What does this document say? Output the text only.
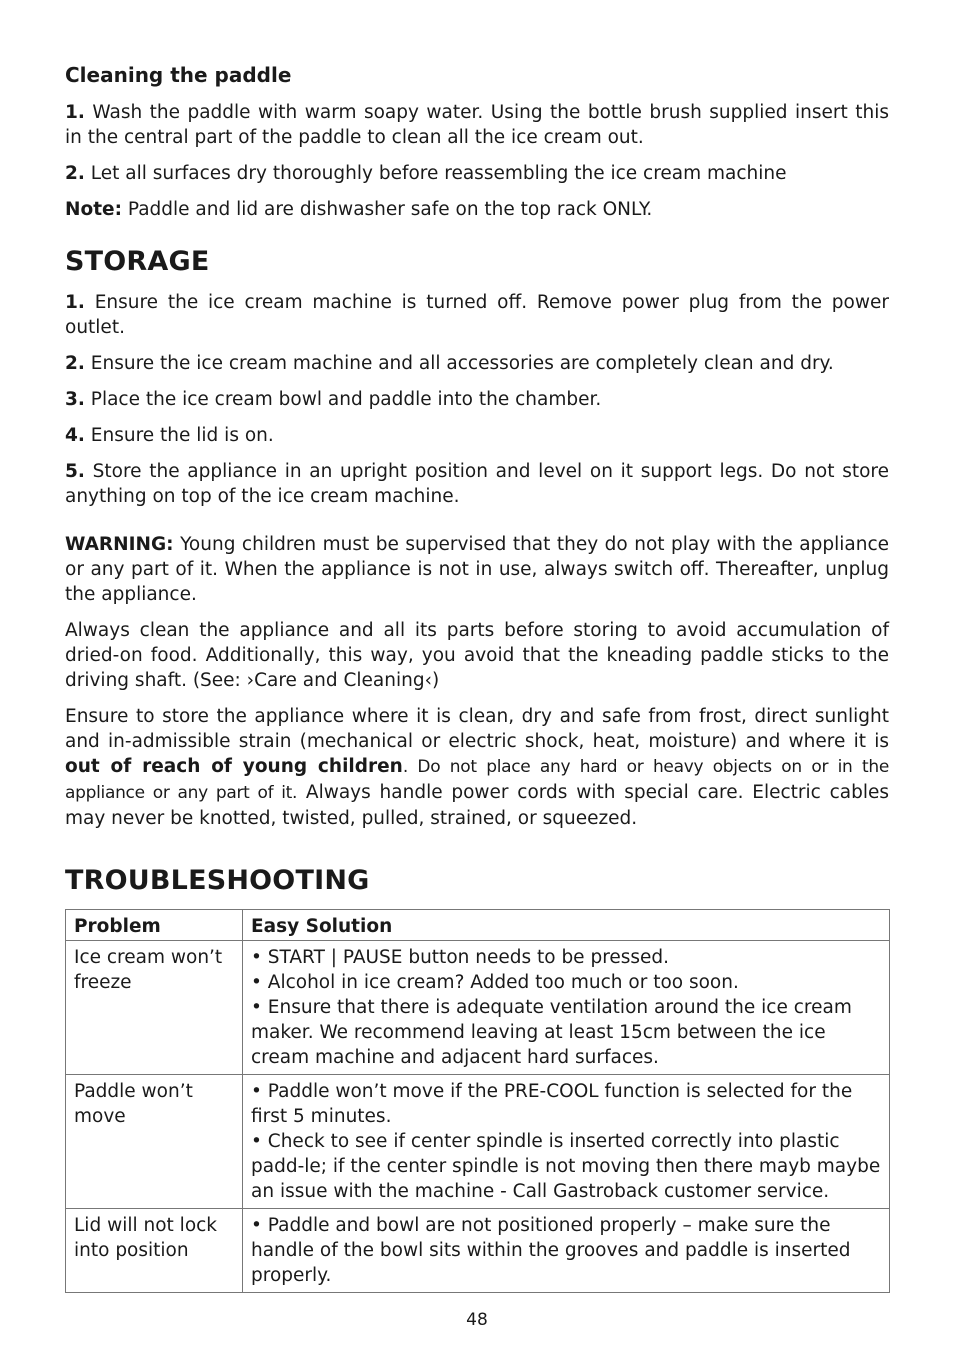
Cleaning the paddle

1. Wash the paddle with warm soapy water. Using the bottle brush supplied insert this in the central part of the paddle to clean all the ice cream out.

2. Let all surfaces dry thoroughly before reassembling the ice cream machine

Note: Paddle and lid are dishwasher safe on the top rack ONLY.

STORAGE

1. Ensure the ice cream machine is turned off. Remove power plug from the power outlet.

2. Ensure the ice cream machine and all accessories are completely clean and dry.

3. Place the ice cream bowl and paddle into the chamber.

4. Ensure the lid is on.

5. Store the appliance in an upright position and level on it support legs. Do not store anything on top of the ice cream machine.

WARNING: Young children must be supervised that they do not play with the appliance or any part of it. When the appliance is not in use, always switch off. Thereafter, unplug the appliance.

Always clean the appliance and all its parts before storing to avoid accumulation of dried-on food. Additionally, this way, you avoid that the kneading paddle sticks to the driving shaft. (See: ›Care and Cleaning‹)

Ensure to store the appliance where it is clean, dry and safe from frost, direct sunlight and in-admissible strain (mechanical or electric shock, heat, moisture) and where it is out of reach of young children. Do not place any hard or heavy objects on or in the appliance or any part of it. Always handle power cords with special care. Electric cables may never be knotted, twisted, pulled, strained, or squeezed.

TROUBLESHOOTING
Problem	Easy Solution
Ice cream won’t freeze	• START | PAUSE button needs to be pressed.
• Alcohol in ice cream? Added too much or too soon.
• Ensure that there is adequate ventilation around the ice cream maker. We recommend leaving at least 15cm between the ice cream machine and adjacent hard surfaces.

Paddle won’t move	• Paddle won’t move if the PRE-COOL function is selected for the first 5 minutes.
• Check to see if center spindle is inserted correctly into plastic padd-le; if the center spindle is not moving then there mayb maybe an issue with the machine - Call Gastroback customer service.

Lid will not lock into position	• Paddle and bowl are not positioned properly – make sure the handle of the bowl sits within the grooves and paddle is inserted properly.
48
